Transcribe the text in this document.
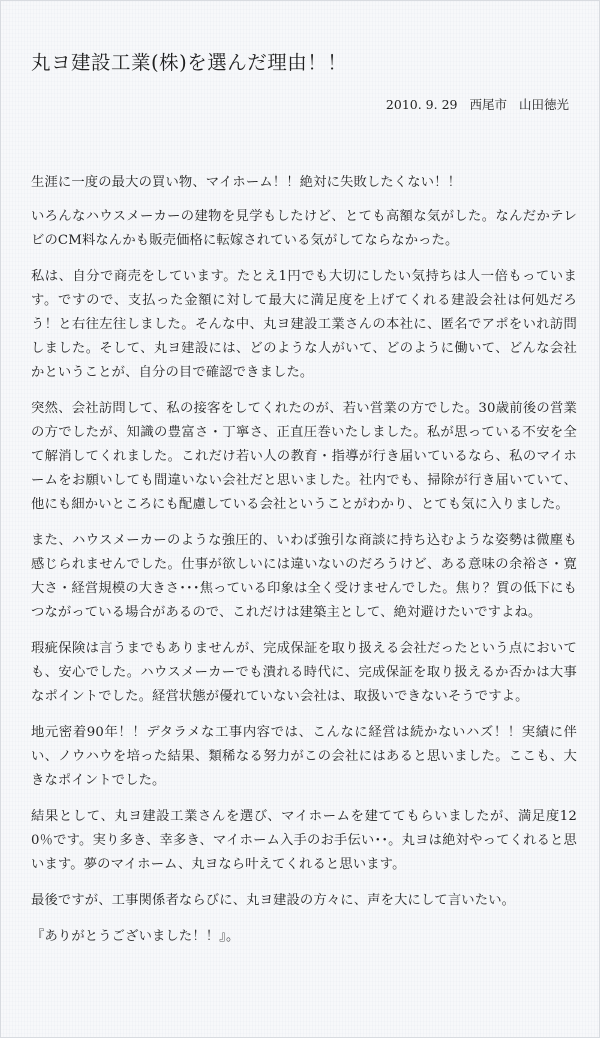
丸ヨ建設工業(株)を選んだ理由！！
2010. 9. 29 西尾市 山田徳光

生涯に一度の最大の買い物、マイホーム！！絶対に失敗したくない！！

いろんなハウスメーカーの建物を見学もしたけど、とても高額な気がした。なんだかテレビのCM料なんかも販売価格に転嫁されている気がしてならなかった。

私は、自分で商売をしています。たとえ1円でも大切にしたい気持ちは人一倍もっています。ですので、支払った金額に対して最大に満足度を上げてくれる建設会社は何処だろう！と右往左往しました。そんな中、丸ヨ建設工業さんの本社に、匿名でアポをいれ訪問しました。そして、丸ヨ建設には、どのような人がいて、どのように働いて、どんな会社かということが、自分の目で確認できました。

突然、会社訪問して、私の接客をしてくれたのが、若い営業の方でした。30歳前後の営業の方でしたが、知識の豊富さ・丁寧さ、正直圧巻いたしました。私が思っている不安を全て解消してくれました。これだけ若い人の教育・指導が行き届いているなら、私のマイホームをお願いしても間違いない会社だと思いました。社内でも、掃除が行き届いていて、他にも細かいところにも配慮している会社ということがわかり、とても気に入りました。

また、ハウスメーカーのような強圧的、いわば強引な商談に持ち込むような姿勢は微塵も感じられませんでした。仕事が欲しいには違いないのだろうけど、ある意味の余裕さ・寛大さ・経営規模の大きさ･･･焦っている印象は全く受けませんでした。焦り？質の低下にもつながっている場合があるので、これだけは建築主として、絶対避けたいですよね。

瑕疵保険は言うまでもありませんが、完成保証を取り扱える会社だったという点においても、安心でした。ハウスメーカーでも潰れる時代に、完成保証を取り扱えるか否かは大事なポイントでした。経営状態が優れていない会社は、取扱いできないそうですよ。

地元密着90年！！デタラメな工事内容では、こんなに経営は続かないハズ！！実績に伴い、ノウハウを培った結果、類稀なる努力がこの会社にはあると思いました。ここも、大きなポイントでした。

結果として、丸ヨ建設工業さんを選び、マイホームを建ててもらいましたが、満足度120％です。実り多き、幸多き、マイホーム入手のお手伝い･･。丸ヨは絶対やってくれると思います。夢のマイホーム、丸ヨなら叶えてくれると思います。

最後ですが、工事関係者ならびに、丸ヨ建設の方々に、声を大にして言いたい。

『ありがとうございました！！』。
